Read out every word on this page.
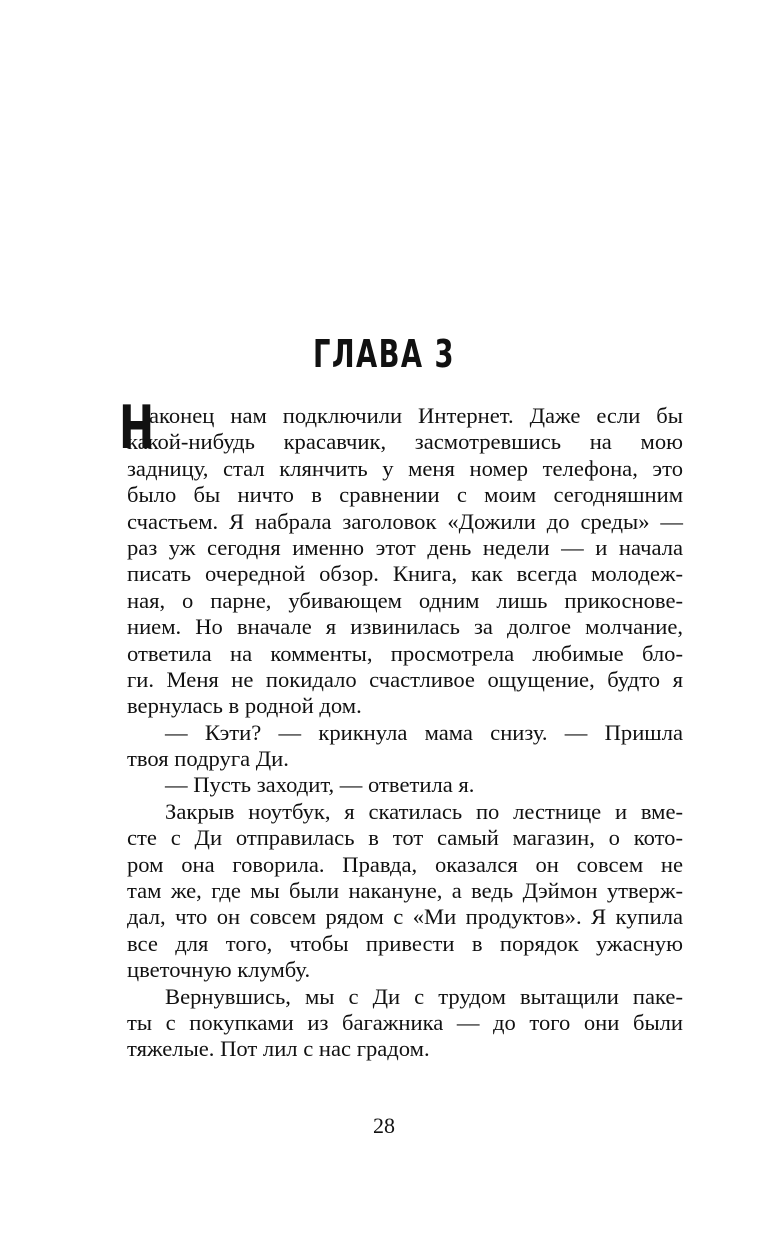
ГЛАВА 3
Н
аконец нам подключили Интернет. Даже если бы
какой-нибудь красавчик, засмотревшись на мою
задницу, стал клянчить у меня номер телефона, это
было бы ничто в сравнении с моим сегодняшним
счастьем. Я набрала заголовок «Дожили до среды» —
раз уж сегодня именно этот день недели — и начала
писать очередной обзор. Книга, как всегда молодеж-
ная, о парне, убивающем одним лишь прикоснове-
нием. Но вначале я извинилась за долгое молчание,
ответила на комменты, просмотрела любимые бло-
ги. Меня не покидало счастливое ощущение, будто я
вернулась в родной дом.
— Кэти? — крикнула мама снизу. — Пришла
твоя подруга Ди.
— Пусть заходит, — ответила я.
Закрыв ноутбук, я скатилась по лестнице и вме-
сте с Ди отправилась в тот самый магазин, о кото-
ром она говорила. Правда, оказался он совсем не
там же, где мы были накануне, а ведь Дэймон утверж-
дал, что он совсем рядом с «Ми продуктов». Я купила
все для того, чтобы привести в порядок ужасную
цветочную клумбу.
Вернувшись, мы с Ди с трудом вытащили паке-
ты с покупками из багажника — до того они были
тяжелые. Пот лил с нас градом.
28
